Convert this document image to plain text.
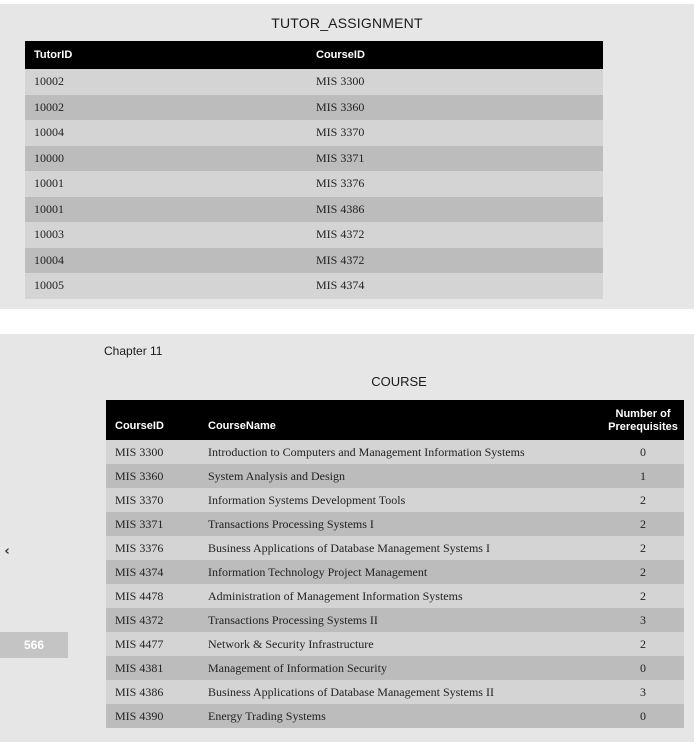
TUTOR_ASSIGNMENT
TutorID	CourseID
10002	MIS 3300
10002	MIS 3360
10004	MIS 3370
10000	MIS 3371
10001	MIS 3376
10001	MIS 4386
10003	MIS 4372
10004	MIS 4372
10005	MIS 4374
Chapter 11
COURSE
CourseID	CourseName	Number of Prerequisites
MIS 3300	Introduction to Computers and Management Information Systems	0
MIS 3360	System Analysis and Design	1
MIS 3370	Information Systems Development Tools	2
MIS 3371	Transactions Processing Systems I	2
MIS 3376	Business Applications of Database Management Systems I	2
MIS 4374	Information Technology Project Management	2
MIS 4478	Administration of Management Information Systems	2
MIS 4372	Transactions Processing Systems II	3
MIS 4477	Network & Security Infrastructure	2
MIS 4381	Management of Information Security	0
MIS 4386	Business Applications of Database Management Systems II	3
MIS 4390	Energy Trading Systems	0
‹
566
